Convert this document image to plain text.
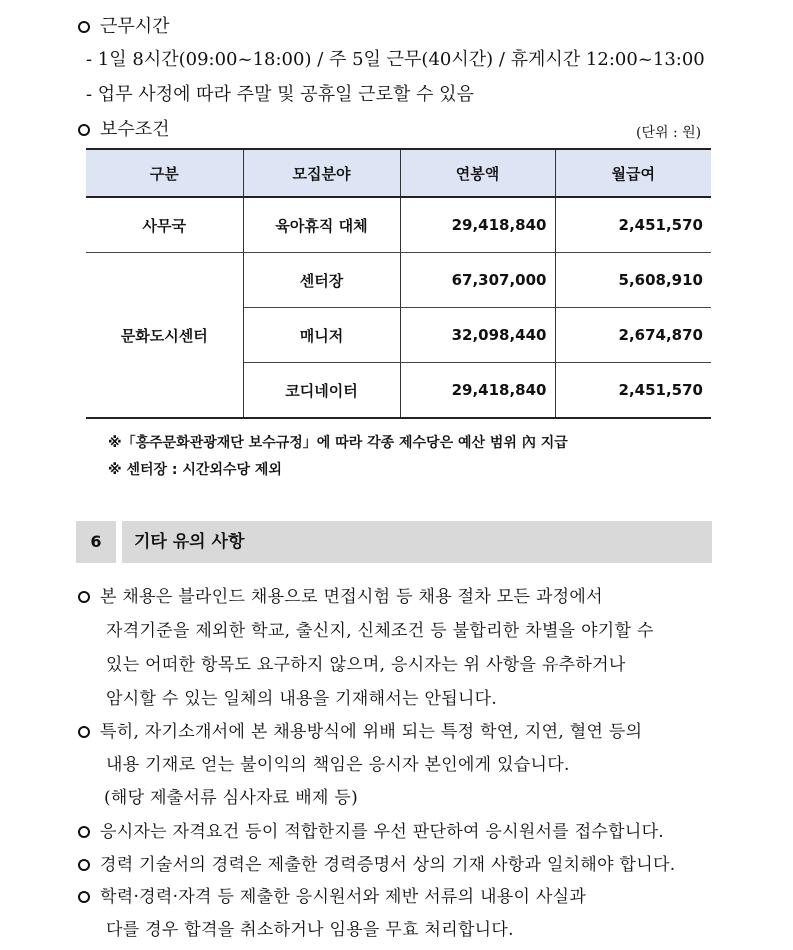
근무시간
- 1일 8시간(09:00~18:00) / 주 5일 근무(40시간) / 휴게시간 12:00~13:00
- 업무 사정에 따라 주말 및 공휴일 근로할 수 있음
보수조건	(단위 : 원)
구분	모집분야	연봉액	월급여
사무국	육아휴직 대체	29,418,840	2,451,570
문화도시센터	센터장	67,307,000	5,608,910
	매니저	32,098,440	2,674,870
	코디네이터	29,418,840	2,451,570
※「홍주문화관광재단 보수규정」에 따라 각종 제수당은 예산 범위 內 지급
※ 센터장 : 시간외수당 제외
6	기타 유의 사항
본 채용은 블라인드 채용으로 면접시험 등 채용 절차 모든 과정에서
자격기준을 제외한 학교, 출신지, 신체조건 등 불합리한 차별을 야기할 수
있는 어떠한 항목도 요구하지 않으며, 응시자는 위 사항을 유추하거나
암시할 수 있는 일체의 내용을 기재해서는 안됩니다.
특히, 자기소개서에 본 채용방식에 위배 되는 특정 학연, 지연, 혈연 등의
내용 기재로 얻는 불이익의 책임은 응시자 본인에게 있습니다.
(해당 제출서류 심사자료 배제 등)
응시자는 자격요건 등이 적합한지를 우선 판단하여 응시원서를 접수합니다.
경력 기술서의 경력은 제출한 경력증명서 상의 기재 사항과 일치해야 합니다.
학력·경력·자격 등 제출한 응시원서와 제반 서류의 내용이 사실과
다를 경우 합격을 취소하거나 임용을 무효 처리합니다.
